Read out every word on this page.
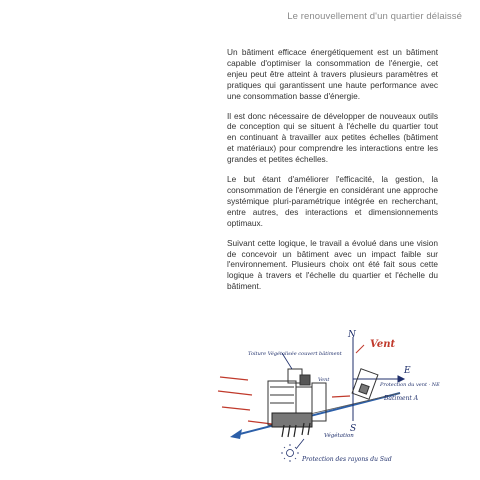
Le renouvellement d'un quartier délaissé

Un bâtiment efficace énergétiquement est un bâtiment capable d'optimiser la consommation de l'énergie, cet enjeu peut être atteint à travers plusieurs paramètres et pratiques qui garantissent une haute performance avec une consommation basse d'énergie.

Il est donc nécessaire de développer de nouveaux outils de conception qui se situent à l'échelle du quartier tout en continuant à travailler aux petites échelles (bâtiment et matériaux) pour comprendre les interactions entre les grandes et petites échelles.

Le but étant d'améliorer l'efficacité, la gestion, la consommation de l'énergie en considérant une approche systémique pluri-paramétrique intégrée en recherchant, entre autres, des interactions et dimensionnements optimaux.

Suivant cette logique, le travail a évolué dans une vision de concevoir un bâtiment avec un impact faible sur l'environnement. Plusieurs choix ont été fait sous cette logique à travers et l'échelle du quartier et l'échelle du bâtiment.

N
S
E
Vent
Toiture Végétalisée couvert bâtiment
Vent
Protection du vent · NE
Bâtiment A
Végétation
Protection des rayons du Sud
